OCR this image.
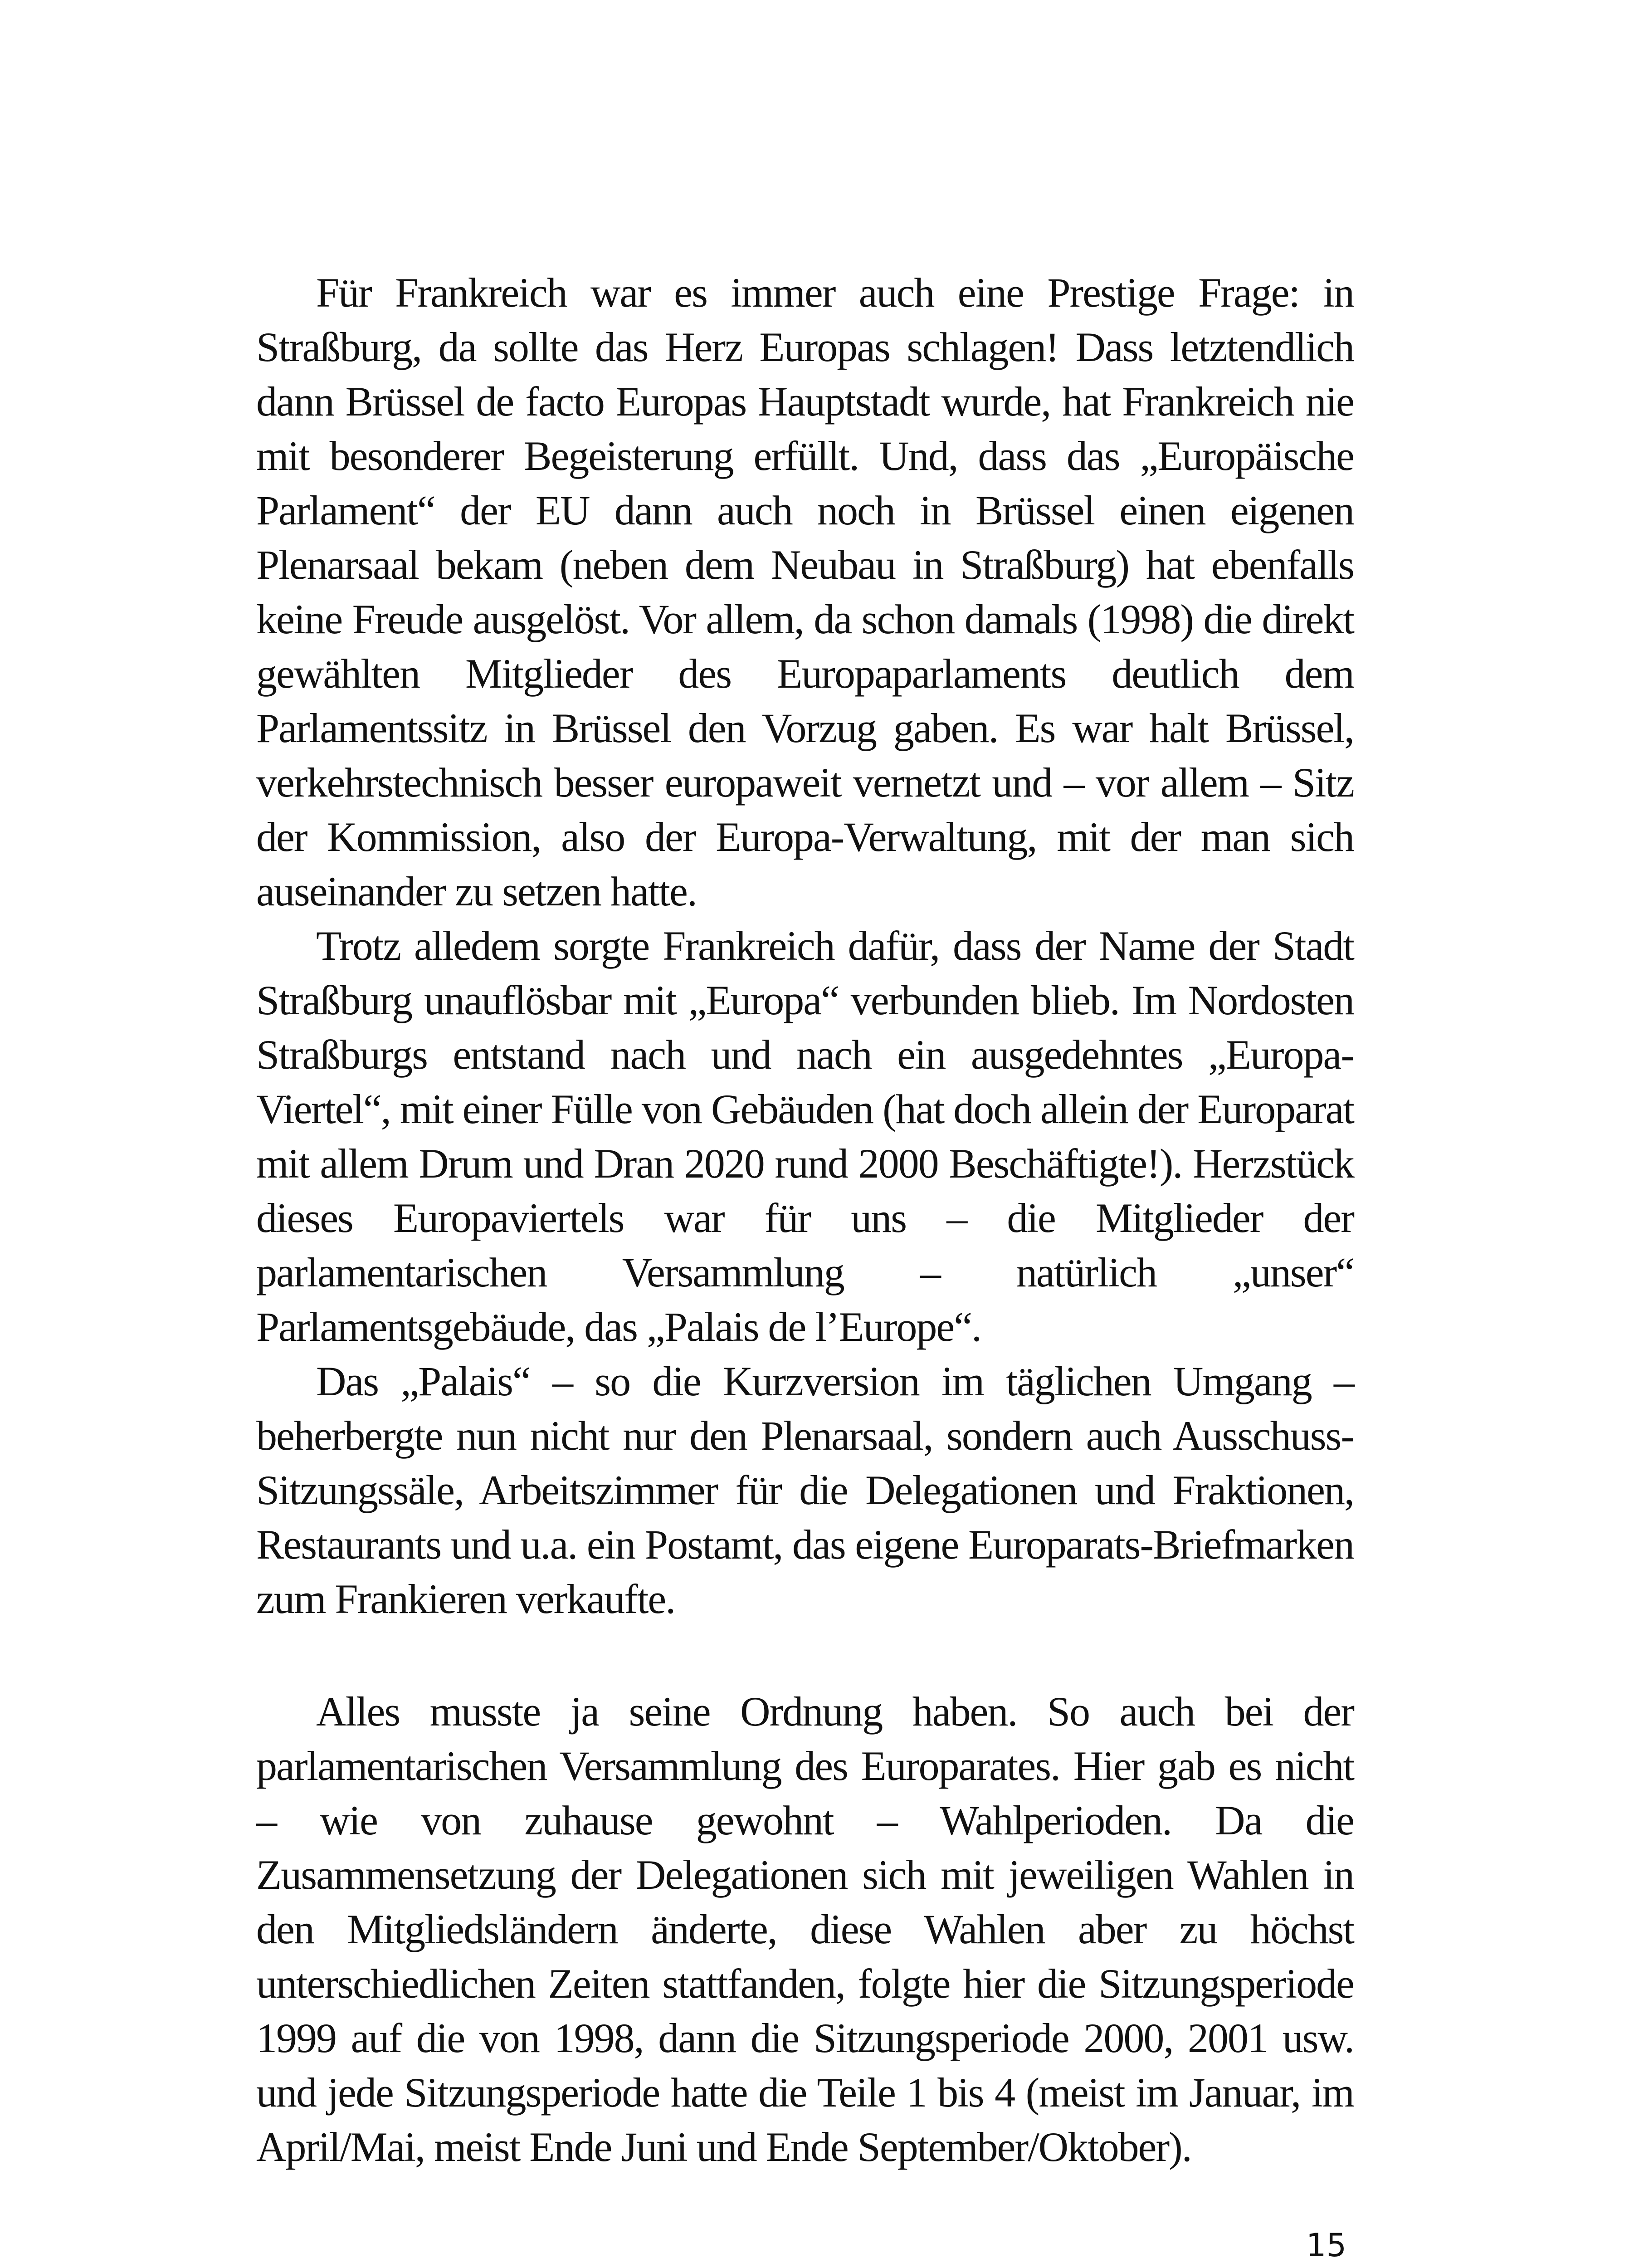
Für Frankreich war es immer auch eine Prestige Frage: in Straßburg, da sollte das Herz Europas schlagen! Dass letztendlich dann Brüssel de facto Europas Hauptstadt wurde, hat Frankreich nie mit besonderer Begeisterung erfüllt. Und, dass das „Europäische Parlament“ der EU dann auch noch in Brüssel einen eigenen Plenarsaal bekam (neben dem Neubau in Straßburg) hat ebenfalls keine Freude ausgelöst. Vor allem, da schon damals (1998) die direkt gewählten Mitglieder des Europaparlaments deutlich dem Parlamentssitz in Brüssel den Vorzug gaben. Es war halt Brüssel, verkehrstechnisch besser europaweit vernetzt und – vor allem – Sitz der Kommission, also der Europa-Verwaltung, mit der man sich auseinander zu setzen hatte.

Trotz alledem sorgte Frankreich dafür, dass der Name der Stadt Straßburg unauflösbar mit „Europa“ verbunden blieb. Im Nordosten Straßburgs entstand nach und nach ein ausgedehntes „Europa-Viertel“, mit einer Fülle von Gebäuden (hat doch allein der Europarat mit allem Drum und Dran 2020 rund 2000 Beschäftigte!). Herzstück dieses Europaviertels war für uns – die Mitglieder der parlamentarischen Versammlung – natürlich „unser“ Parlamentsgebäude, das „Palais de l’Europe“.

Das „Palais“ – so die Kurzversion im täglichen Umgang – beherbergte nun nicht nur den Plenarsaal, sondern auch Ausschuss-Sitzungssäle, Arbeitszimmer für die Delegationen und Fraktionen, Restaurants und u.a. ein Postamt, das eigene Europarats-Briefmarken zum Frankieren verkaufte.

Alles musste ja seine Ordnung haben. So auch bei der parlamentarischen Versammlung des Europarates. Hier gab es nicht – wie von zuhause gewohnt – Wahlperioden. Da die Zusammensetzung der Delegationen sich mit jeweiligen Wahlen in den Mitgliedsländern änderte, diese Wahlen aber zu höchst unterschiedlichen Zeiten stattfanden, folgte hier die Sitzungsperiode 1999 auf die von 1998, dann die Sitzungsperiode 2000, 2001 usw. und jede Sitzungsperiode hatte die Teile 1 bis 4 (meist im Januar, im April/Mai, meist Ende Juni und Ende September/Oktober).

15
